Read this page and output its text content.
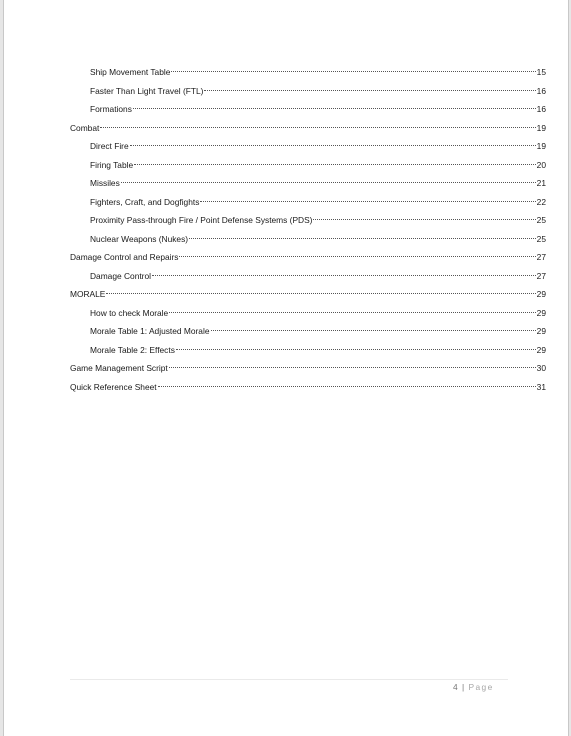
Ship Movement Table	15
Faster Than Light Travel (FTL)	16
Formations	16
Combat	19
Direct Fire	19
Firing Table	20
Missiles	21
Fighters, Craft, and Dogfights	22
Proximity Pass-through Fire / Point Defense Systems (PDS)	25
Nuclear Weapons (Nukes)	25
Damage Control and Repairs	27
Damage Control	27
MORALE	29
How to check Morale	29
Morale Table 1: Adjusted Morale	29
Morale Table 2: Effects	29
Game Management Script	30
Quick Reference Sheet	31
4 | Page
